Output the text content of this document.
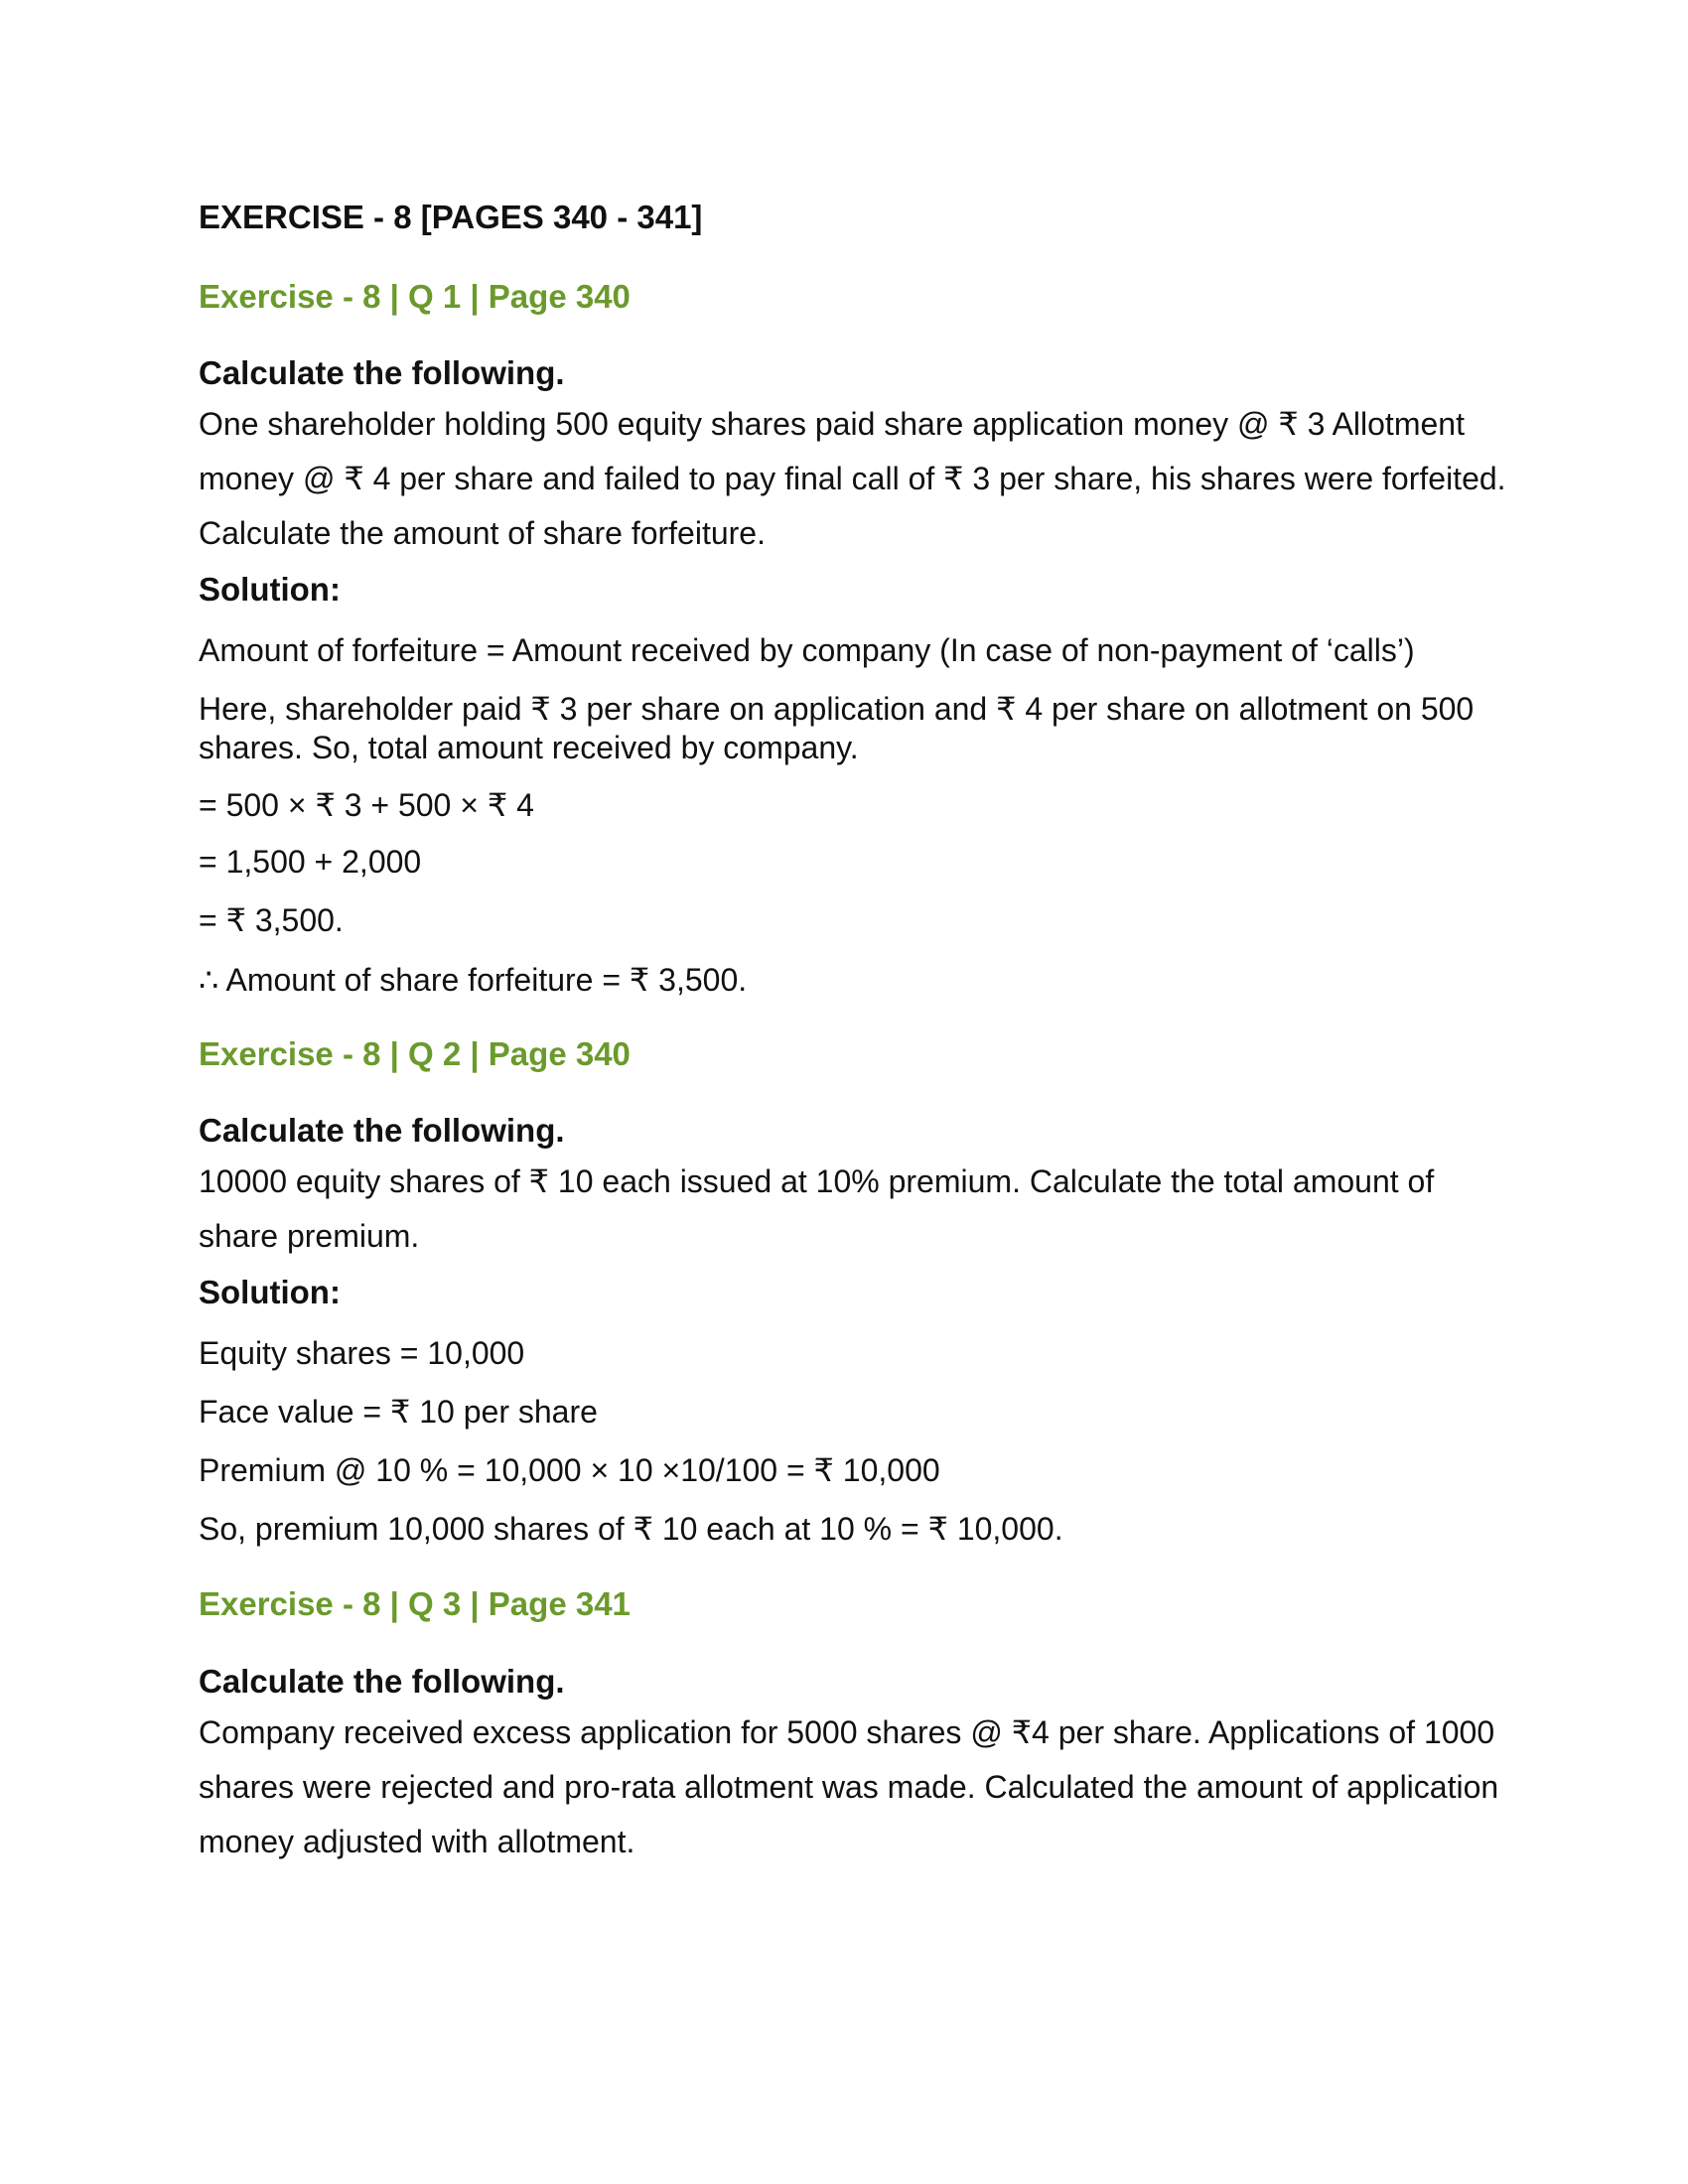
EXERCISE - 8 [PAGES 340 - 341]
Exercise - 8 | Q 1 | Page 340
Calculate the following.

One shareholder holding 500 equity shares paid share application money @ ₹ 3 Allotment money @ ₹ 4 per share and failed to pay final call of ₹ 3 per share, his shares were forfeited. Calculate the amount of share forfeiture.

Solution:

Amount of forfeiture = Amount received by company (In case of non-payment of ‘calls’)

Here, shareholder paid ₹ 3 per share on application and ₹ 4 per share on allotment on 500 shares. So, total amount received by company.

= 500 × ₹ 3 + 500 × ₹ 4

= 1,500 + 2,000

= ₹ 3,500.

∴ Amount of share forfeiture = ₹ 3,500.

Exercise - 8 | Q 2 | Page 340
Calculate the following.

10000 equity shares of ₹ 10 each issued at 10% premium. Calculate the total amount of share premium.

Solution:

Equity shares = 10,000

Face value = ₹ 10 per share

Premium @ 10 % = 10,000 × 10 ×10/100 = ₹ 10,000

So, premium 10,000 shares of ₹ 10 each at 10 % = ₹ 10,000.

Exercise - 8 | Q 3 | Page 341
Calculate the following.

Company received excess application for 5000 shares @ ₹4 per share. Applications of 1000 shares were rejected and pro-rata allotment was made. Calculated the amount of application money adjusted with allotment.
